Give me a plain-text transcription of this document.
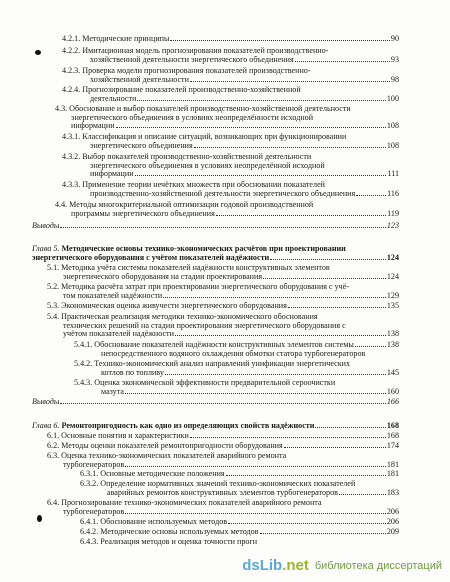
4.2.1. Методические принципы	90
4.2.2. Имитационная модель прогнозирования показателей производственно-
хозяйственной деятельности энергетического объединения	93
4.2.3. Проверка модели прогнозирования показателей производственно-
хозяйственной деятельности	98
4.2.4. Прогнозирование показателей производственно-хозяйственной
деятельности	100
4.3. Обоснование и выбор показателей производственно-хозяйственной деятельности
энергетического объединения в условиях неопределённости исходной
информации	108
4.3.1. Классификация и описание ситуаций, возникающих при функционировании
энергетического объединения	108
4.3.2. Выбор показателей производственно-хозяйственной деятельности
энергетического объединения в условиях неопределённой исходной
информации	111
4.3.3. Применение теории нечётких множеств при обосновании показателей
производственно-хозяйственной деятельности энергетического объединения	116
4.4. Методы многокритериальной оптимизации годовой производственной
программы энергетического объединения	119
Выводы	123
Глава 5.
Методические основы технико-экономических расчётов при проектировании
энергетического оборудования с учётом показателей надёжности	124
5.1. Методика учёта системы показателей надёжности конструктивных элементов
энергетического оборудования на стадии проектирования	124
5.2. Методика расчёта затрат при проектировании энергетического оборудования с учё-
том показателей надёжности	129
5.3. Экономическая оценка живучести энергетического оборудования	135
5.4. Практическая реализация методики технико-экономического обоснования
технических решений на стадии проектирования энергетического оборудования с
учётом показателей надёжности	138
5.4.1. Обоснование показателей надёжности конструктивных элементов системы	138
непосредственного водяного охлаждения обмотки статора турбогенераторов
5.4.2. Технико-экономический анализ направлений унификации энергетических
котлов по топливу	145
5.4.3. Оценка экономической эффективности предварительной сероочистки
мазута	160
Выводы	166
Глава 6.
Ремонтопригодность как одно из определяющих свойств надёжности	168
6.1. Основные понятия и характеристики	168
6.2. Методы оценки показателей ремонтопригодности оборудования	174
6.3. Оценка технико-экономических показателей аварийного ремонта
турбогенераторов	181
6.3.1. Основные методические положения	181
6.3.2. Определение нормативных значений технико-экономических показателей
аварийных ремонтов конструктивных элементов турбогенераторов	183
6.4. Прогнозирование технико-экономических показателей аварийного ремонта
турбогенераторов	206
6.4.1. Обоснование используемых методов	206
6.4.2. Методические основы используемых методов	209
6.4.3. Реализация методов и оценка точности прогн
dsLib.net библиотека диссертаций
